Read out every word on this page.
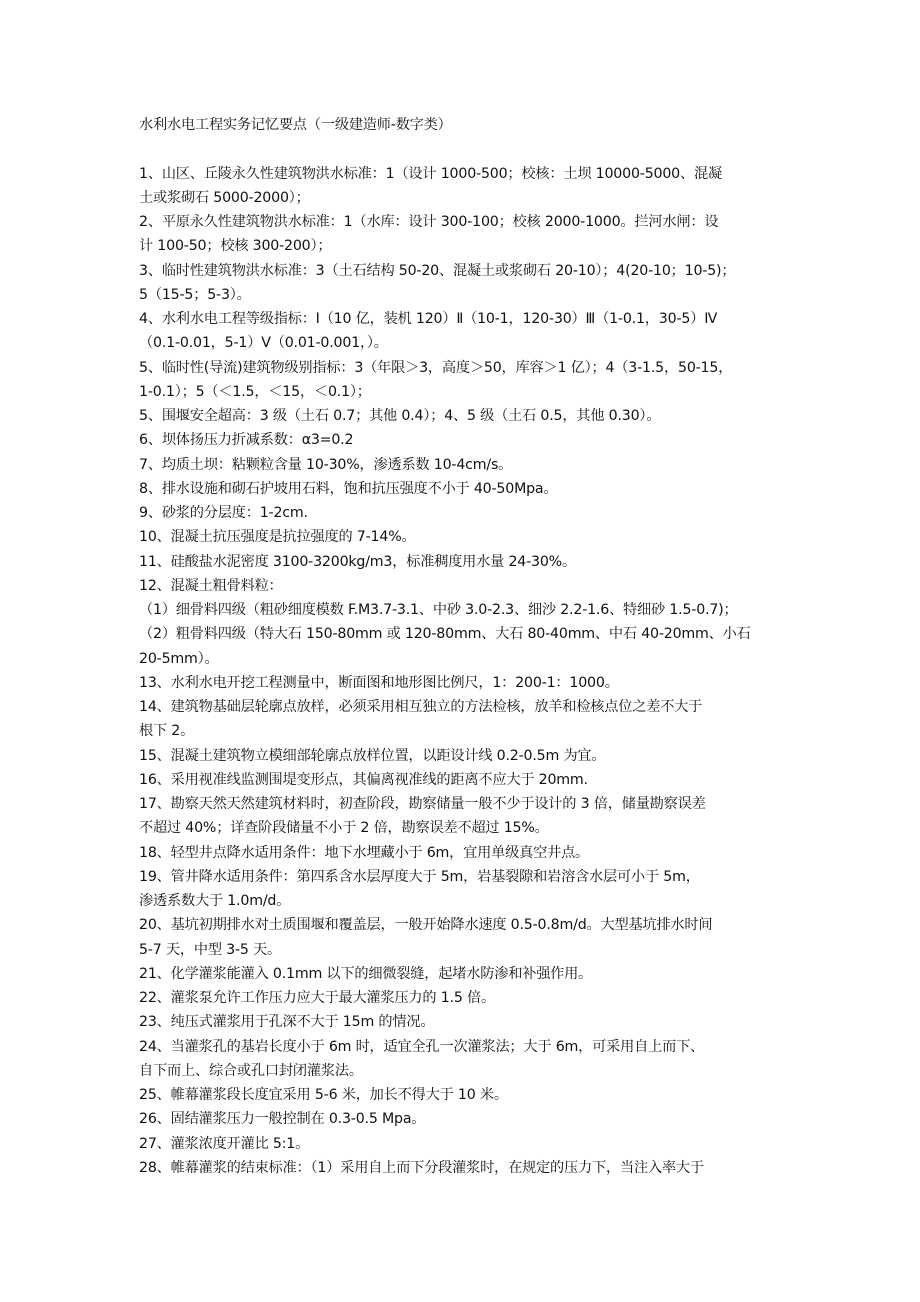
水利水电工程实务记忆要点（一级建造师-数字类）
1、山区、丘陵永久性建筑物洪水标准：1（设计 1000-500；校核：土坝 10000-5000、混凝
土或浆砌石 5000-2000）；
2、平原永久性建筑物洪水标准：1（水库：设计 300-100；校核 2000-1000。拦河水闸：设
计 100-50；校核 300-200）；
3、临时性建筑物洪水标准：3（土石结构 50-20、混凝土或浆砌石 20-10）；4(20-10；10-5)；
5（15-5；5-3）。
4、水利水电工程等级指标：Ⅰ（10 亿，装机 120）Ⅱ（10-1，120-30）Ⅲ（1-0.1，30-5）Ⅳ
（0.1-0.01，5-1）Ⅴ（0.01-0.001，）。
5、临时性(导流)建筑物级别指标：3（年限＞3，高度＞50，库容＞1 亿）；4（3-1.5，50-15，
1-0.1）；5（＜1.5，＜15，＜0.1）；
5、围堰安全超高：3 级（土石 0.7；其他 0.4）；4、5 级（土石 0.5，其他 0.30）。
6、坝体扬压力折减系数：α3=0.2
7、均质土坝：粘颗粒含量 10-30%，渗透系数 10-4cm/s。
8、排水设施和砌石护坡用石料，饱和抗压强度不小于 40-50Mpa。
9、砂浆的分层度：1-2cm.
10、混凝土抗压强度是抗拉强度的 7-14%。
11、硅酸盐水泥密度 3100-3200kg/m3，标准稠度用水量 24-30%。
12、混凝土粗骨料粒：
（1）细骨料四级（粗砂细度模数 F.M3.7-3.1、中砂 3.0-2.3、细沙 2.2-1.6、特细砂 1.5-0.7)；
（2）粗骨料四级（特大石 150-80mm 或 120-80mm、大石 80-40mm、中石 40-20mm、小石
20-5mm）。
13、水利水电开挖工程测量中，断面图和地形图比例尺，1：200-1：1000。
14、建筑物基础层轮廓点放样，必须采用相互独立的方法检核，放羊和检核点位之差不大于
根下 2。
15、混凝土建筑物立模细部轮廓点放样位置，以距设计线 0.2-0.5m 为宜。
16、采用视准线监测围堤变形点，其偏离视准线的距离不应大于 20mm.
17、勘察天然天然建筑材料时，初查阶段，勘察储量一般不少于设计的 3 倍，储量勘察误差
不超过 40%；详查阶段储量不小于 2 倍，勘察误差不超过 15%。
18、轻型井点降水适用条件：地下水埋藏小于 6m，宜用单级真空井点。
19、管井降水适用条件：第四系含水层厚度大于 5m，岩基裂隙和岩溶含水层可小于 5m，
渗透系数大于 1.0m/d。
20、基坑初期排水对土质围堰和覆盖层，一般开始降水速度 0.5-0.8m/d。大型基坑排水时间
5-7 天，中型 3-5 天。
21、化学灌浆能灌入 0.1mm 以下的细微裂缝，起堵水防渗和补强作用。
22、灌浆泵允许工作压力应大于最大灌浆压力的 1.5 倍。
23、纯压式灌浆用于孔深不大于 15m 的情况。
24、当灌浆孔的基岩长度小于 6m 时，适宜全孔一次灌浆法；大于 6m，可采用自上而下、
自下而上、综合或孔口封闭灌浆法。
25、帷幕灌浆段长度宜采用 5-6 米，加长不得大于 10 米。
26、固结灌浆压力一般控制在 0.3-0.5 Mpa。
27、灌浆浓度开灌比 5:1。
28、帷幕灌浆的结束标准：（1）采用自上而下分段灌浆时，在规定的压力下，当注入率大于
